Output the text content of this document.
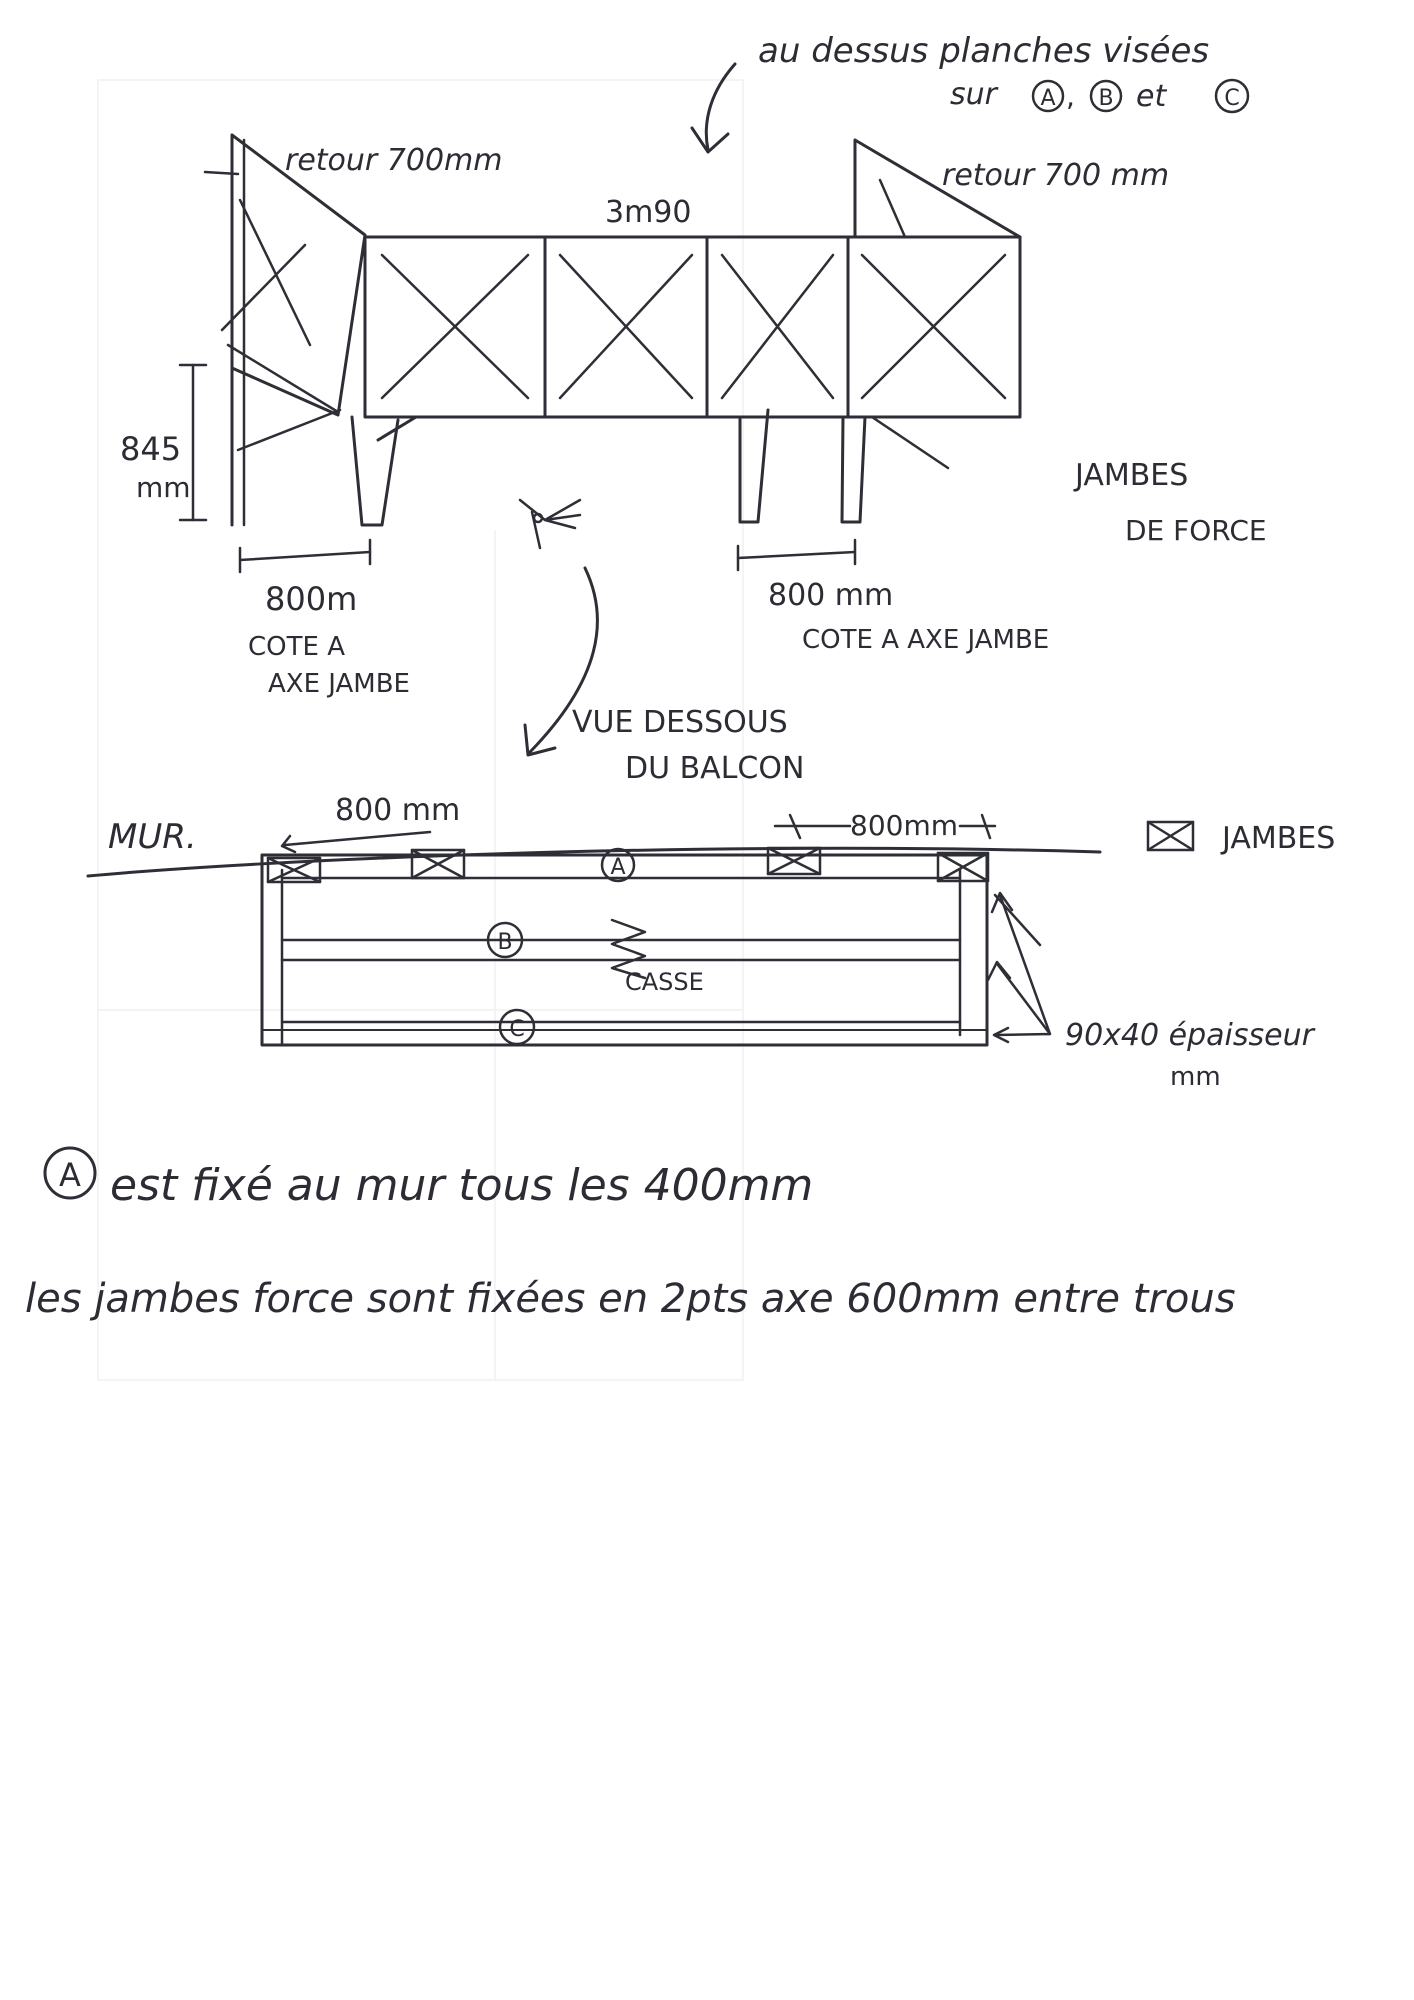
au dessus planches visées
sur A , B et	C
retour 700mm	retour 700 mm
3m90
845
mm	JAMBES
DE FORCE
800m
COTE A
AXE JAMBE
800 mm
COTE A AXE JAMBE
VUE DESSOUS
DU BALCON
MUR.
800 mm	800mm
A
B
C
CASSE
JAMBES
90x40 épaisseur
mm
A est fixé au mur tous les 400mm
les jambes force sont fixées en 2pts axe 600mm entre trous
